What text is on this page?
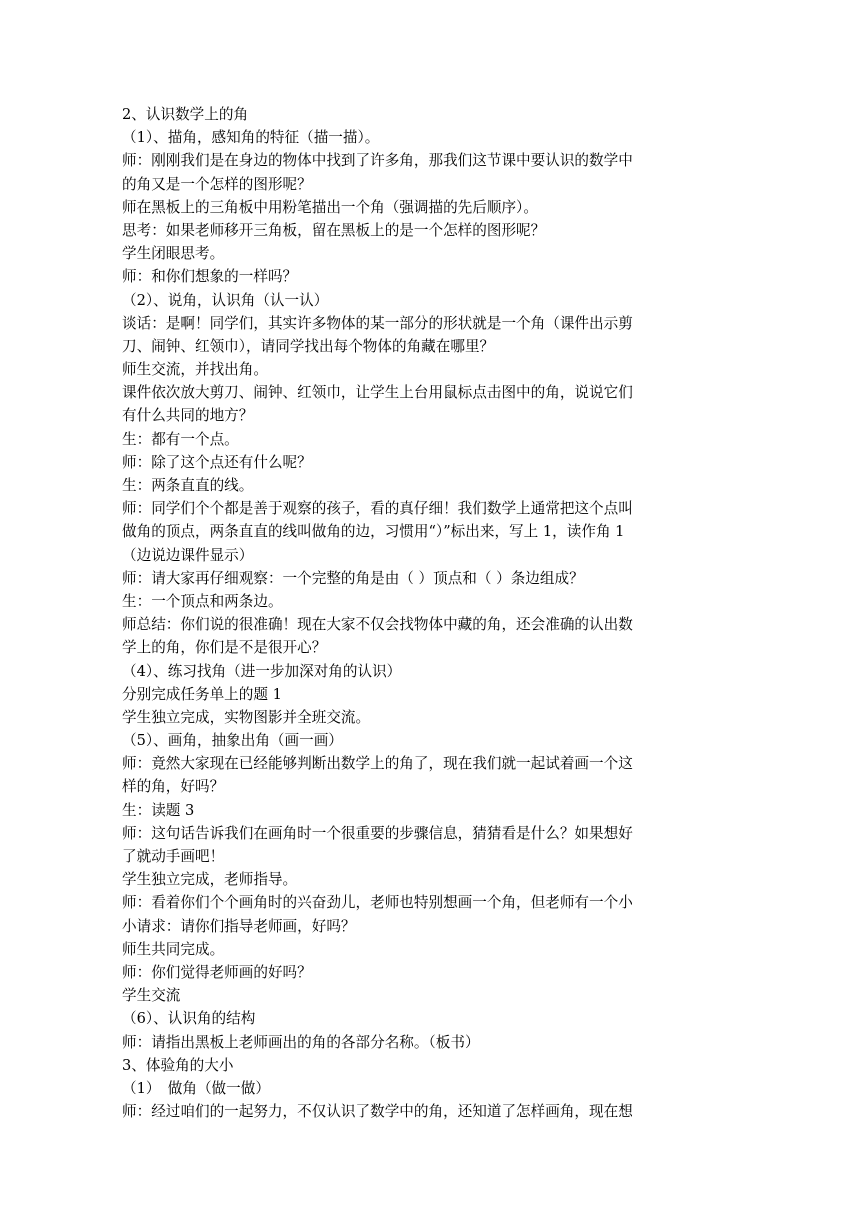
2、认识数学上的角
（1）、描角，感知角的特征（描一描）。
师：刚刚我们是在身边的物体中找到了许多角，那我们这节课中要认识的数学中
的角又是一个怎样的图形呢？
师在黑板上的三角板中用粉笔描出一个角（强调描的先后顺序）。
思考：如果老师移开三角板，留在黑板上的是一个怎样的图形呢？
学生闭眼思考。
师：和你们想象的一样吗？
（2）、说角，认识角（认一认）
谈话：是啊！同学们，其实许多物体的某一部分的形状就是一个角（课件出示剪
刀、闹钟、红领巾），请同学找出每个物体的角藏在哪里？
师生交流，并找出角。
课件依次放大剪刀、闹钟、红领巾，让学生上台用鼠标点击图中的角，说说它们
有什么共同的地方？
生：都有一个点。
师：除了这个点还有什么呢？
生：两条直直的线。
师：同学们个个都是善于观察的孩子，看的真仔细！我们数学上通常把这个点叫
做角的顶点，两条直直的线叫做角的边，习惯用“）”标出来，写上 1，读作角 1
（边说边课件显示）
师：请大家再仔细观察：一个完整的角是由（ ）顶点和（ ）条边组成？
生：一个顶点和两条边。
师总结：你们说的很准确！现在大家不仅会找物体中藏的角，还会准确的认出数
学上的角，你们是不是很开心？
（4）、练习找角（进一步加深对角的认识）
分别完成任务单上的题 1
学生独立完成，实物图影并全班交流。
（5）、画角，抽象出角（画一画）
师：竟然大家现在已经能够判断出数学上的角了，现在我们就一起试着画一个这
样的角，好吗？
生：读题 3
师：这句话告诉我们在画角时一个很重要的步骤信息，猜猜看是什么？如果想好
了就动手画吧！
学生独立完成，老师指导。
师：看着你们个个画角时的兴奋劲儿，老师也特别想画一个角，但老师有一个小
小请求：请你们指导老师画，好吗？
师生共同完成。
师：你们觉得老师画的好吗？
学生交流
（6）、认识角的结构
师：请指出黑板上老师画出的角的各部分名称。（板书）
3、体验角的大小
（1）　做角（做一做）
师：经过咱们的一起努力，不仅认识了数学中的角，还知道了怎样画角，现在想
